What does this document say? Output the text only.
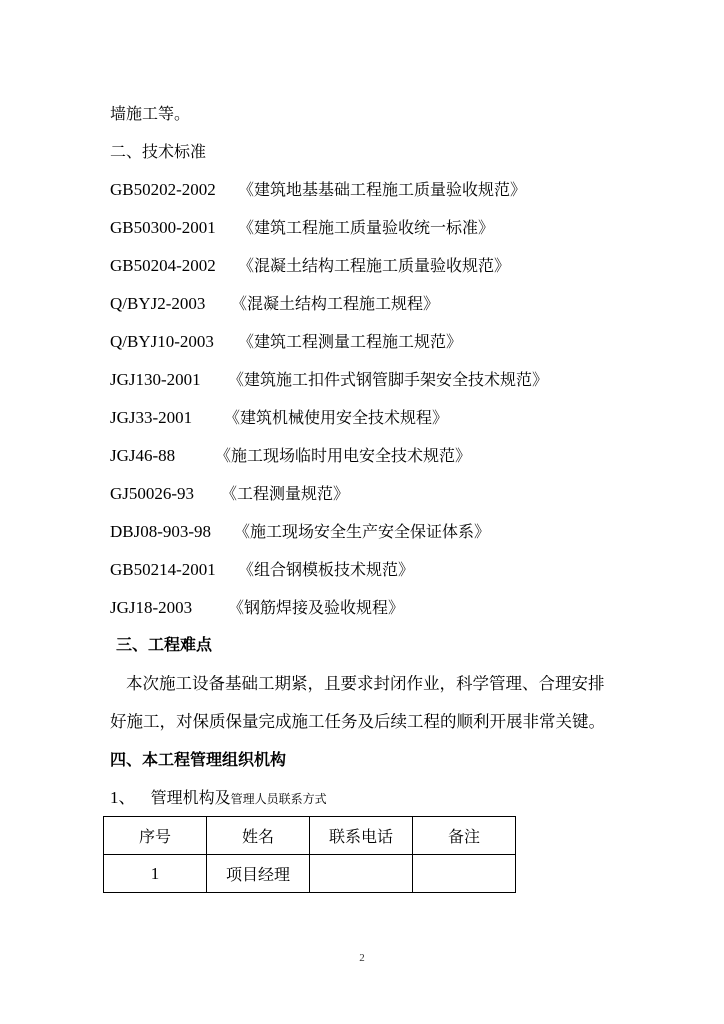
墙施工等。
二、技术标准
GB50202-2002 《建筑地基基础工程施工质量验收规范》
GB50300-2001 《建筑工程施工质量验收统一标准》
GB50204-2002 《混凝土结构工程施工质量验收规范》
Q/BYJ2-2003 《混凝土结构工程施工规程》
Q/BYJ10-2003 《建筑工程测量工程施工规范》
JGJ130-2001 《建筑施工扣件式钢管脚手架安全技术规范》
JGJ33-2001 《建筑机械使用安全技术规程》
JGJ46-88 《施工现场临时用电安全技术规范》
GJ50026-93 《工程测量规范》
DBJ08-903-98 《施工现场安全生产安全保证体系》
GB50214-2001 《组合钢模板技术规范》
JGJ18-2003 《钢筋焊接及验收规程》
三、工程难点
本次施工设备基础工期紧，且要求封闭作业，科学管理、合理安排
好施工，对保质保量完成施工任务及后续工程的顺利开展非常关键。
四、本工程管理组织机构
1、 管理机构及管理人员联系方式
序号	姓名	联系电话	备注
1	项目经理		
2
